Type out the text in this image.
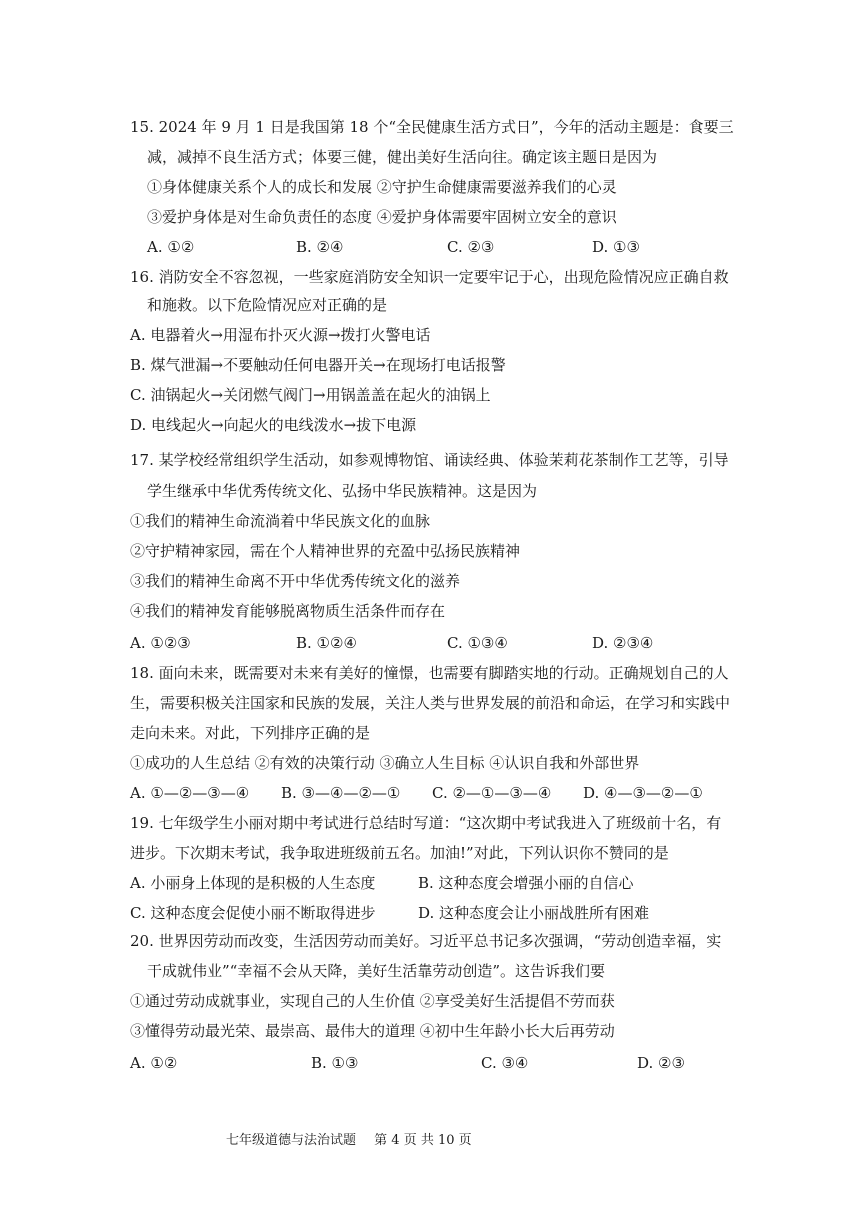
15. 2024 年 9 月 1 日是我国第 18 个“全民健康生活方式日”，今年的活动主题是：食要三
减，减掉不良生活方式；体要三健，健出美好生活向往。确定该主题日是因为
①身体健康关系个人的成长和发展 ②守护生命健康需要滋养我们的心灵
③爱护身体是对生命负责任的态度 ④爱护身体需要牢固树立安全的意识
A. ①②	B. ②④	C. ②③	D. ①③
16. 消防安全不容忽视，一些家庭消防安全知识一定要牢记于心，出现危险情况应正确自救
和施救。以下危险情况应对正确的是
A. 电器着火→用湿布扑灭火源→拨打火警电话
B. 煤气泄漏→不要触动任何电器开关→在现场打电话报警
C. 油锅起火→关闭燃气阀门→用锅盖盖在起火的油锅上
D. 电线起火→向起火的电线泼水→拔下电源
17. 某学校经常组织学生活动，如参观博物馆、诵读经典、体验茉莉花茶制作工艺等，引导
学生继承中华优秀传统文化、弘扬中华民族精神。这是因为
①我们的精神生命流淌着中华民族文化的血脉
②守护精神家园，需在个人精神世界的充盈中弘扬民族精神
③我们的精神生命离不开中华优秀传统文化的滋养
④我们的精神发育能够脱离物质生活条件而存在
A. ①②③	B. ①②④	C. ①③④	D. ②③④
18. 面向未来，既需要对未来有美好的憧憬，也需要有脚踏实地的行动。正确规划自己的人
生，需要积极关注国家和民族的发展，关注人类与世界发展的前沿和命运，在学习和实践中
走向未来。对此，下列排序正确的是
①成功的人生总结 ②有效的决策行动 ③确立人生目标 ④认识自我和外部世界
A. ①—②—③—④ B. ③—④—②—① C. ②—①—③—④ D. ④—③—②—①
19. 七年级学生小丽对期中考试进行总结时写道：“这次期中考试我进入了班级前十名，有
进步。下次期末考试，我争取进班级前五名。加油!”对此，下列认识你不赞同的是
A. 小丽身上体现的是积极的人生态度	B. 这种态度会增强小丽的自信心
C. 这种态度会促使小丽不断取得进步	D. 这种态度会让小丽战胜所有困难
20. 世界因劳动而改变，生活因劳动而美好。习近平总书记多次强调，“劳动创造幸福，实
干成就伟业”“幸福不会从天降，美好生活靠劳动创造”。这告诉我们要
①通过劳动成就事业，实现自己的人生价值 ②享受美好生活提倡不劳而获
③懂得劳动最光荣、最崇高、最伟大的道理 ④初中生年龄小长大后再劳动
A. ①②	B. ①③	C. ③④	D. ②③
七年级道德与法治试题 第 4 页 共 10 页
